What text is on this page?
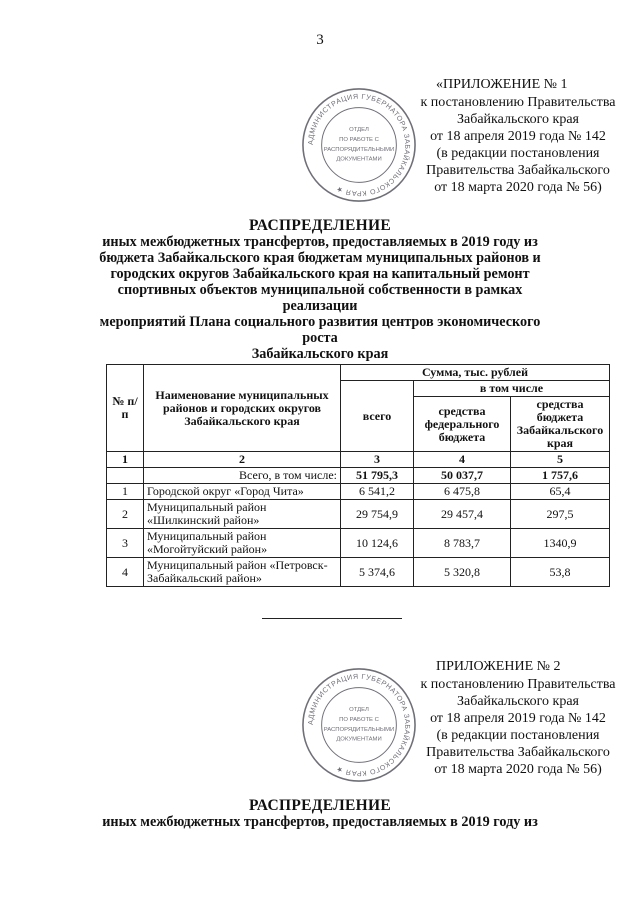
3
«ПРИЛОЖЕНИЕ № 1
к постановлению Правительства
Забайкальского края
от 18 апреля 2019 года № 142
(в редакции постановления
Правительства Забайкальского
от 18 марта 2020 года № 56)
АДМИНИСТРАЦИЯ ГУБЕРНАТОРА ЗАБАЙКАЛЬСКОГО КРАЯ ★
ОТДЕЛ
ПО РАБОТЕ С
РАСПОРЯДИТЕЛЬНЫМИ
ДОКУМЕНТАМИ
РАСПРЕДЕЛЕНИЕ
иных межбюджетных трансфертов, предоставляемых в 2019 году из
бюджета Забайкальского края бюджетам муниципальных районов и
городских округов Забайкальского края на капитальный ремонт
спортивных объектов муниципальной собственности в рамках реализации
мероприятий Плана социального развития центров экономического роста
Забайкальского края
№ п/п	Наименование муниципальных районов и городских округов Забайкальского края	Сумма, тыс. рублей		
		всего	в том числе	
			средства федерального бюджета	средства бюджета Забайкальского края
1	2	3	4	5
	Всего, в том числе:	51 795,3	50 037,7	1 757,6
1	Городской округ «Город Чита»	6 541,2	6 475,8	65,4
2	Муниципальный район «Шилкинский район»	29 754,9	29 457,4	297,5
3	Муниципальный район «Могойтуйский район»	10 124,6	8 783,7	1340,9
4	Муниципальный район «Петровск-Забайкальский район»	5 374,6	5 320,8	53,8
ПРИЛОЖЕНИЕ № 2
к постановлению Правительства
Забайкальского края
от 18 апреля 2019 года № 142
(в редакции постановления
Правительства Забайкальского
от 18 марта 2020 года № 56)
АДМИНИСТРАЦИЯ ГУБЕРНАТОРА ЗАБАЙКАЛЬСКОГО КРАЯ ★
ОТДЕЛ
ПО РАБОТЕ С
РАСПОРЯДИТЕЛЬНЫМИ
ДОКУМЕНТАМИ
РАСПРЕДЕЛЕНИЕ
иных межбюджетных трансфертов, предоставляемых в 2019 году из
